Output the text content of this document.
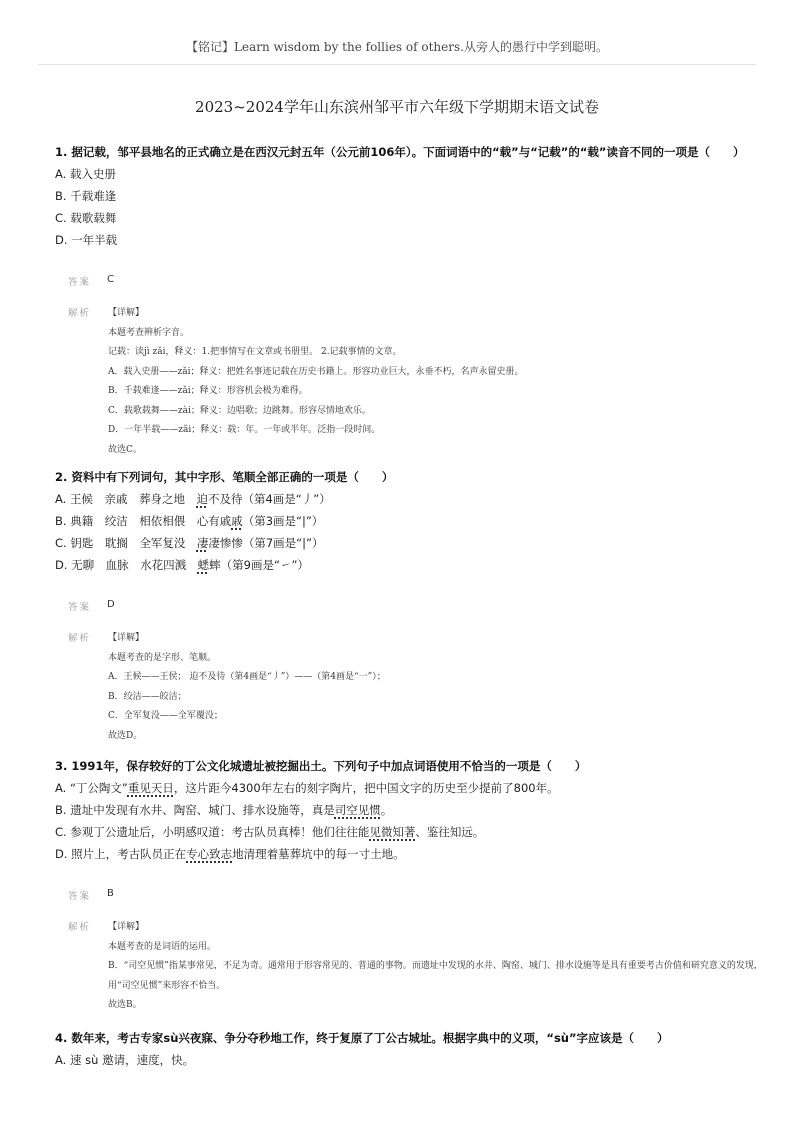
【铭记】Learn wisdom by the follies of others.从旁人的愚行中学到聪明。
2023~2024学年山东滨州邹平市六年级下学期期末语文试卷

1. 据记载，邹平县地名的正式确立是在西汉元封五年（公元前106年）。下面词语中的“载”与“记载”的“载”读音不同的一项是（　　）

A. 载入史册
B. 千载难逢
C. 载歌载舞
D. 一年半载
答案 C
解析 【详解】
本题考查辨析字音。
记载：读jì zǎi，释义：1.把事情写在文章或书册里。 2.记载事情的文章。
A．载入史册——zǎi；释义：把姓名事迹记载在历史书籍上。形容功业巨大，永垂不朽，名声永留史册。
B．千载难逢——zǎi；释义：形容机会极为难得。
C．载歌载舞——zài；释义：边唱歌；边跳舞。形容尽情地欢乐。
D．一年半载——zǎi；释义：载：年。一年或半年。泛指一段时间。
故选C。

2. 资料中有下列词句，其中字形、笔顺全部正确的一项是（　　）

A. 王候　亲戚　葬身之地　迫不及待（第4画是“丿”）
B. 典籍　绞洁　相依相偎　心有戚戚（第3画是“|”）
C. 钥匙　耽搁　全军复没　凄凄惨惨（第7画是“|”）
D. 无聊　血脉　水花四溅　蟋蟀（第9画是“㇀”）
答案 D
解析 【详解】
本题考查的是字形、笔顺。
A．王候——王侯； 迫不及待（第4画是“丿”）——（第4画是“一”）；
B．绞洁——皎洁；
C．全军复没——全军覆没；
故选D。

3. 1991年，保存较好的丁公文化城遗址被挖掘出土。下列句子中加点词语使用不恰当的一项是（　　）

A. “丁公陶文”重见天日，这片距今4300年左右的刻字陶片，把中国文字的历史至少提前了800年。
B. 遗址中发现有水井、陶窑、城门、排水设施等，真是司空见惯。
C. 参观丁公遗址后，小明感叹道：考古队员真棒！他们往往能见微知著、鉴往知远。
D. 照片上，考古队员正在专心致志地清理着墓葬坑中的每一寸土地。
答案 B
解析 【详解】
本题考查的是词语的运用。
B．“司空见惯”指某事常见，不足为奇。通常用于形容常见的、普通的事物。而遗址中发现的水井、陶窑、城门、排水设施等是具有重要考古价值和研究意义的发现，用“司空见惯”来形容不恰当。
故选B。

4. 数年来，考古专家sù兴夜寐、争分夺秒地工作，终于复原了丁公古城址。根据字典中的义项，“sù”字应该是（　　）

A. 速 sù 邀请，速度，快。
